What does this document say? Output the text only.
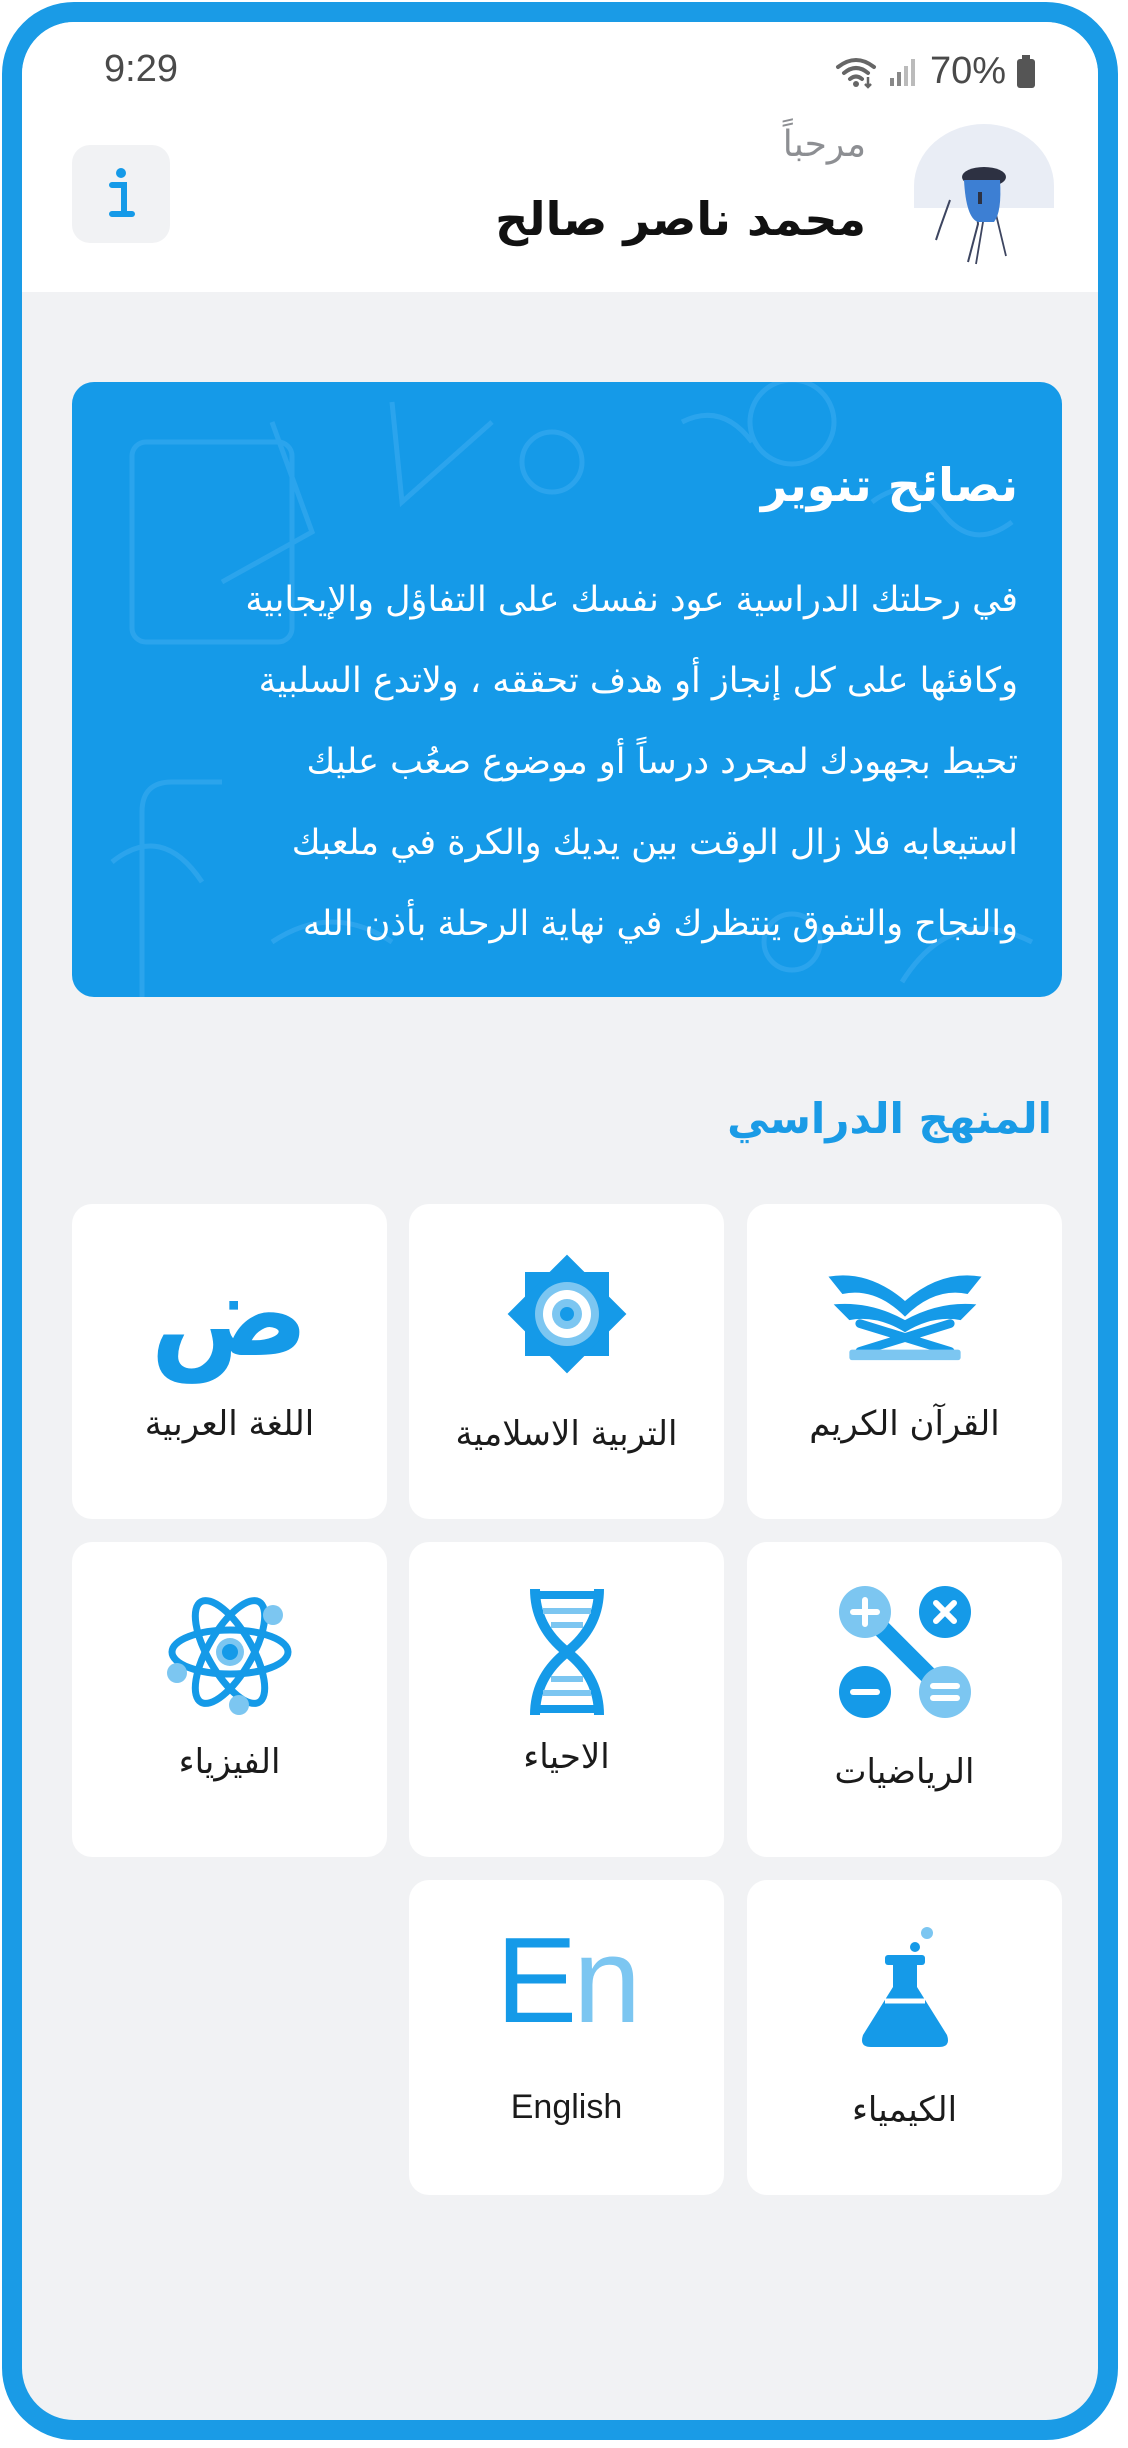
9:29	70%
مرحباً
محمد ناصر صالح
نصائح تنوير
في رحلتك الدراسية عود نفسك على التفاؤل والإيجابية
وكافئها على كل إنجاز أو هدف تحققه ، ولاتدع السلبية
تحيط بجهودك لمجرد درساً أو موضوع صعُب عليك
استيعابه فلا زال الوقت بين يديك والكرة في ملعبك
والنجاح والتفوق ينتظرك في نهاية الرحلة بأذن الله
المنهج الدراسي
القرآن الكريم
التربية الاسلامية
ض
اللغة العربية
الرياضيات
الاحياء
الفيزياء
الكيمياء
En
English
